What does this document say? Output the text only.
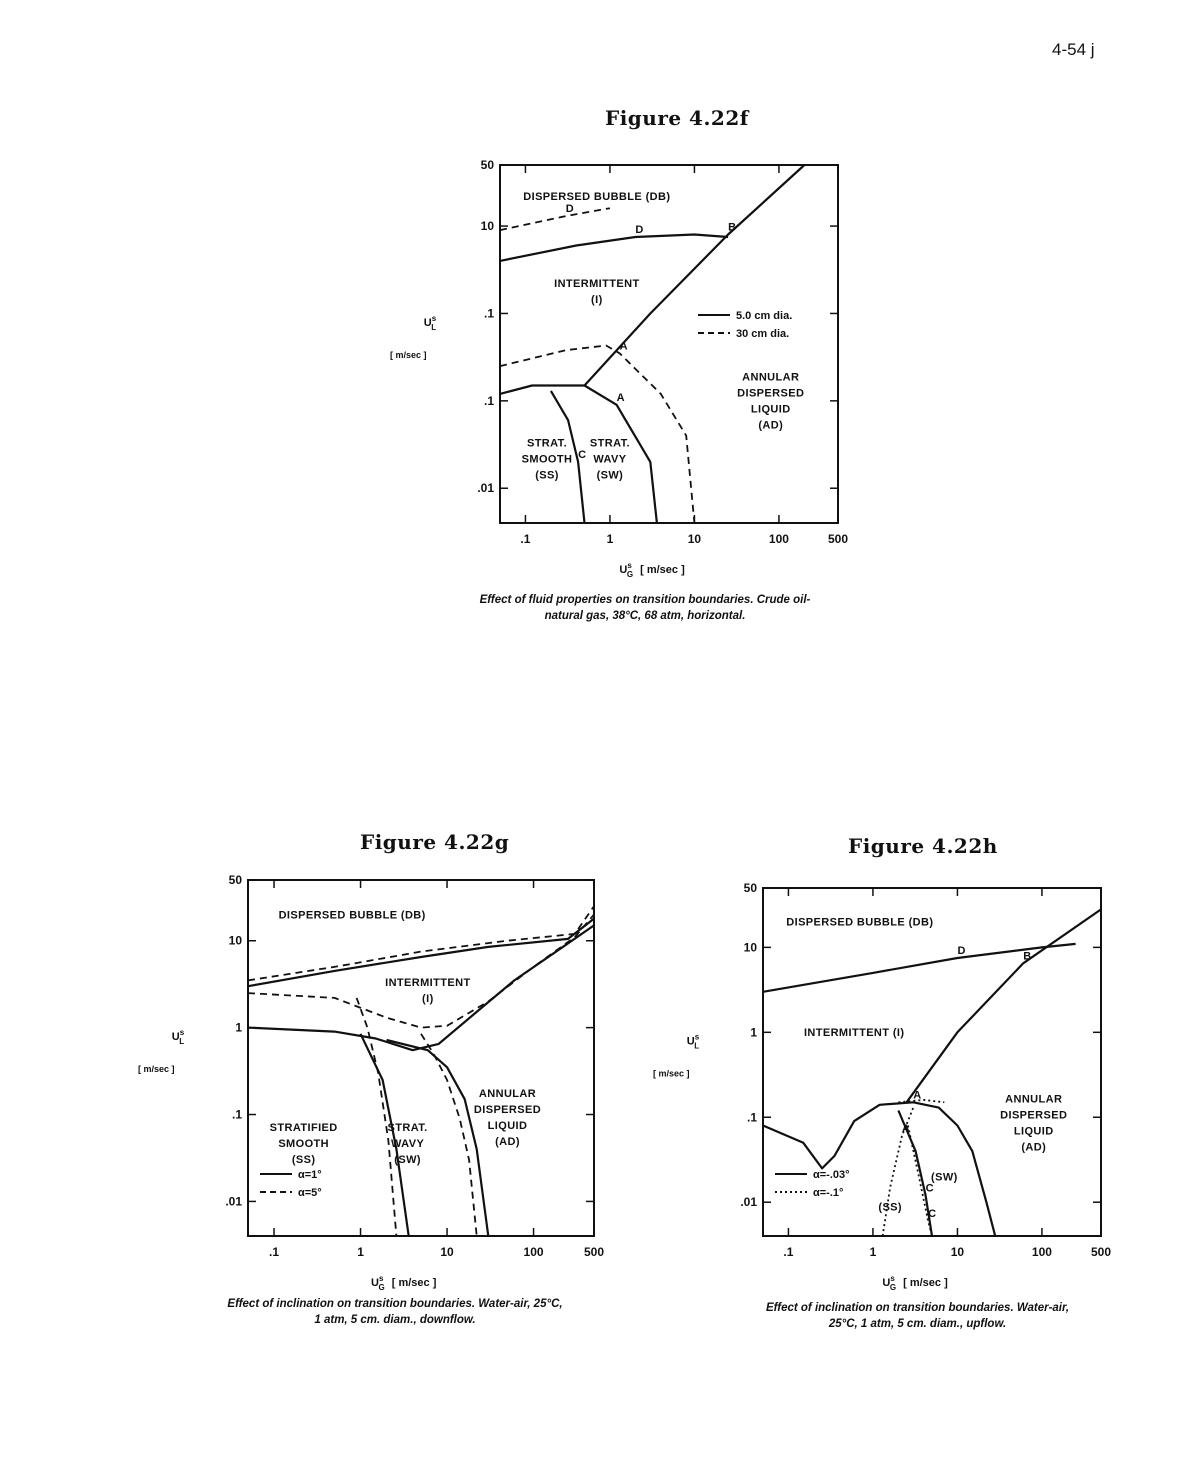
4-54 j
Figure 4.22f
.1	1	10	100	500
.01
.1
.1
10
50
$U^s$ L
[ m/sec ]
$U^s$ G [ m/sec ]
D
D	B
A
A
C
DISPERSED BUBBLE (DB)
INTERMITTENT
(I)
ANNULAR
DISPERSED
LIQUID
(AD)
STRAT.
SMOOTH
(SS)
STRAT.
WAVY
(SW)
5.0 cm dia.
30 cm dia.
Effect of fluid properties on transition boundaries. Crude oil-
natural gas, 38°C, 68 atm, horizontal.
Figure 4.22g
.1	1	10	100	500
.01
.1
1
10
50
$U^s$ L
[ m/sec ]
$U^s$ G [ m/sec ]
DISPERSED BUBBLE (DB)
INTERMITTENT
(I)
ANNULAR
DISPERSED
LIQUID
(AD)
STRATIFIED
SMOOTH
(SS)
STRAT.
WAVY
(SW)
α=1°
α=5°
Effect of inclination on transition boundaries. Water-air, 25°C,
1 atm, 5 cm. diam., downflow.
Figure 4.22h
.1	1	10	100	500
.01
.1
1
10
50
$U^s$ L
[ m/sec ]
$U^s$ G [ m/sec ]
D	B
A
A
C
C
DISPERSED BUBBLE (DB)
INTERMITTENT (I)
ANNULAR
DISPERSED
LIQUID
(AD)
(SW)
(SS)
α=-.03°
α=-.1°
Effect of inclination on transition boundaries. Water-air,
25°C, 1 atm, 5 cm. diam., upflow.
